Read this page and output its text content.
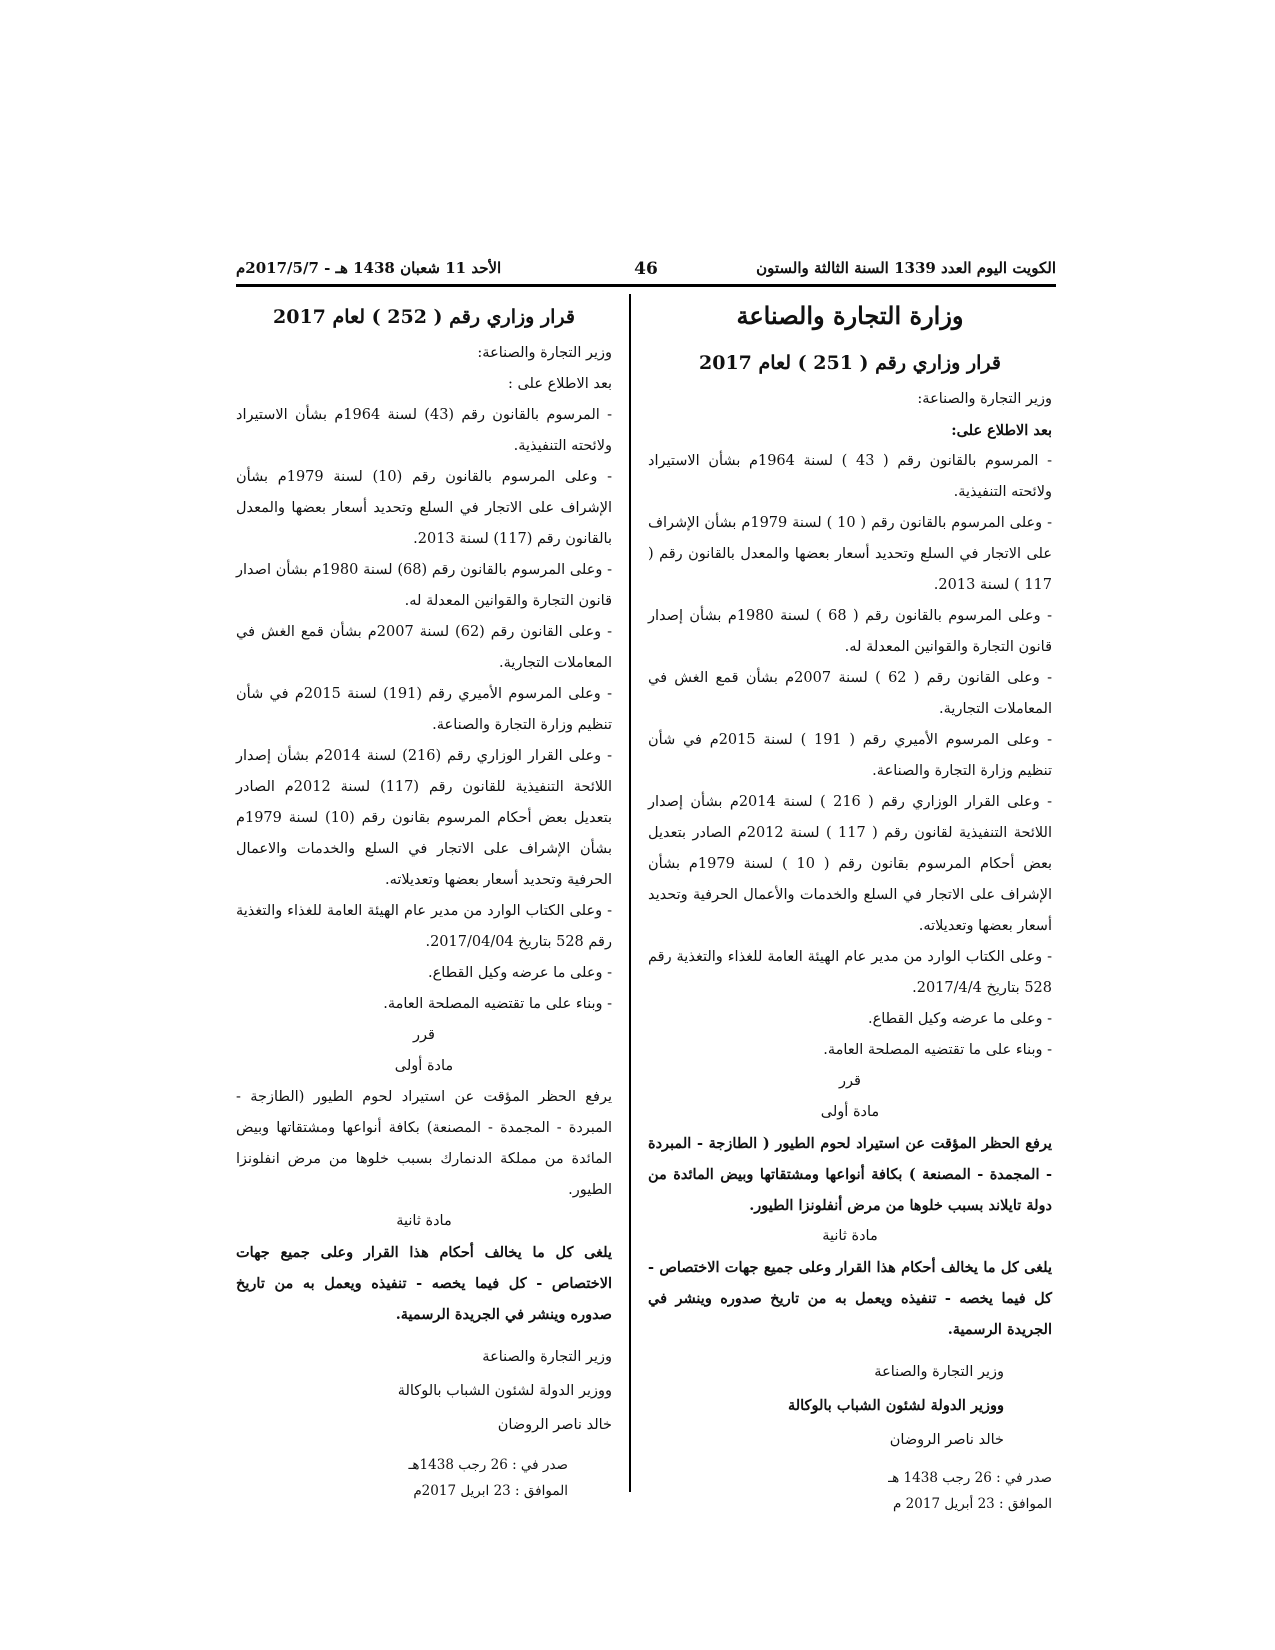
الكويت اليوم العدد 1339 السنة الثالثة والستون
46
الأحد 11 شعبان 1438 هـ - 2017/5/7م

وزارة التجارة والصناعة

قرار وزاري رقم ( 251 ) لعام 2017

وزير التجارة والصناعة:

بعد الاطلاع على:

- المرسوم بالقانون رقم ( 43 ) لسنة 1964م بشأن الاستيراد ولائحته التنفيذية.

- وعلى المرسوم بالقانون رقم ( 10 ) لسنة 1979م بشأن الإشراف على الاتجار في السلع وتحديد أسعار بعضها والمعدل بالقانون رقم ( 117 ) لسنة 2013.

- وعلى المرسوم بالقانون رقم ( 68 ) لسنة 1980م بشأن إصدار قانون التجارة والقوانين المعدلة له.

- وعلى القانون رقم ( 62 ) لسنة 2007م بشأن قمع الغش في المعاملات التجارية.

- وعلى المرسوم الأميري رقم ( 191 ) لسنة 2015م في شأن تنظيم وزارة التجارة والصناعة.

- وعلى القرار الوزاري رقم ( 216 ) لسنة 2014م بشأن إصدار اللائحة التنفيذية لقانون رقم ( 117 ) لسنة 2012م الصادر بتعديل بعض أحكام المرسوم بقانون رقم ( 10 ) لسنة 1979م بشأن الإشراف على الاتجار في السلع والخدمات والأعمال الحرفية وتحديد أسعار بعضها وتعديلاته.

- وعلى الكتاب الوارد من مدير عام الهيئة العامة للغذاء والتغذية رقم 528 بتاريخ 2017/4/4.

- وعلى ما عرضه وكيل القطاع.

- وبناء على ما تقتضيه المصلحة العامة.

قرر

مادة أولى

يرفع الحظر المؤقت عن استيراد لحوم الطيور ( الطازجة - المبردة - المجمدة - المصنعة ) بكافة أنواعها ومشتقاتها وبيض المائدة من دولة تايلاند بسبب خلوها من مرض أنفلونزا الطيور.

مادة ثانية

يلغى كل ما يخالف أحكام هذا القرار وعلى جميع جهات الاختصاص - كل فيما يخصه - تنفيذه ويعمل به من تاريخ صدوره وينشر في الجريدة الرسمية.

وزير التجارة والصناعة

ووزير الدولة لشئون الشباب بالوكالة

خالد ناصر الروضان

صدر في : 26 رجب 1438 هـ

الموافق : 23 أبريل 2017 م

قرار وزاري رقم ( 252 ) لعام 2017

وزير التجارة والصناعة:

بعد الاطلاع على :

- المرسوم بالقانون رقم (43) لسنة 1964م بشأن الاستيراد ولائحته التنفيذية.

- وعلى المرسوم بالقانون رقم (10) لسنة 1979م بشأن الإشراف على الاتجار في السلع وتحديد أسعار بعضها والمعدل بالقانون رقم (117) لسنة 2013.

- وعلى المرسوم بالقانون رقم (68) لسنة 1980م بشأن اصدار قانون التجارة والقوانين المعدلة له.

- وعلى القانون رقم (62) لسنة 2007م بشأن قمع الغش في المعاملات التجارية.

- وعلى المرسوم الأميري رقم (191) لسنة 2015م في شأن تنظيم وزارة التجارة والصناعة.

- وعلى القرار الوزاري رقم (216) لسنة 2014م بشأن إصدار اللائحة التنفيذية للقانون رقم (117) لسنة 2012م الصادر بتعديل بعض أحكام المرسوم بقانون رقم (10) لسنة 1979م بشأن الإشراف على الاتجار في السلع والخدمات والاعمال الحرفية وتحديد أسعار بعضها وتعديلاته.

- وعلى الكتاب الوارد من مدير عام الهيئة العامة للغذاء والتغذية رقم 528 بتاريخ 2017/04/04.

- وعلى ما عرضه وكيل القطاع.

- وبناء على ما تقتضيه المصلحة العامة.

قرر

مادة أولى

يرفع الحظر المؤقت عن استيراد لحوم الطيور (الطازجة - المبردة - المجمدة - المصنعة) بكافة أنواعها ومشتقاتها وبيض المائدة من مملكة الدنمارك بسبب خلوها من مرض انفلونزا الطيور.

مادة ثانية

يلغى كل ما يخالف أحكام هذا القرار وعلى جميع جهات الاختصاص - كل فيما يخصه - تنفيذه ويعمل به من تاريخ صدوره وينشر في الجريدة الرسمية.

وزير التجارة والصناعة

ووزير الدولة لشئون الشباب بالوكالة

خالد ناصر الروضان

صدر في : 26 رجب 1438هـ

الموافق : 23 ابريل 2017م
